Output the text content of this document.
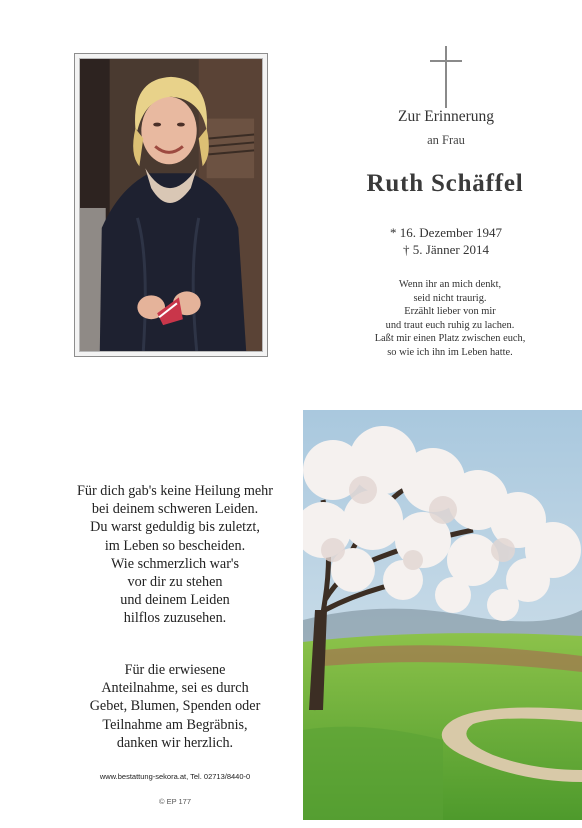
Zur Erinnerung
an Frau
Ruth Schäffel
* 16. Dezember 1947
† 5. Jänner 2014
Wenn ihr an mich denkt,
seid nicht traurig.
Erzählt lieber von mir
und traut euch ruhig zu lachen.
Laßt mir einen Platz zwischen euch,
so wie ich ihn im Leben hatte.
Für dich gab's keine Heilung mehr
bei deinem schweren Leiden.
Du warst geduldig bis zuletzt,
im Leben so bescheiden.
Wie schmerzlich war's
vor dir zu stehen
und deinem Leiden
hilflos zuzusehen.
Für die erwiesene
Anteilnahme, sei es durch
Gebet, Blumen, Spenden oder
Teilnahme am Begräbnis,
danken wir herzlich.
www.bestattung-sekora.at, Tel. 02713/8440-0
© EP 177
